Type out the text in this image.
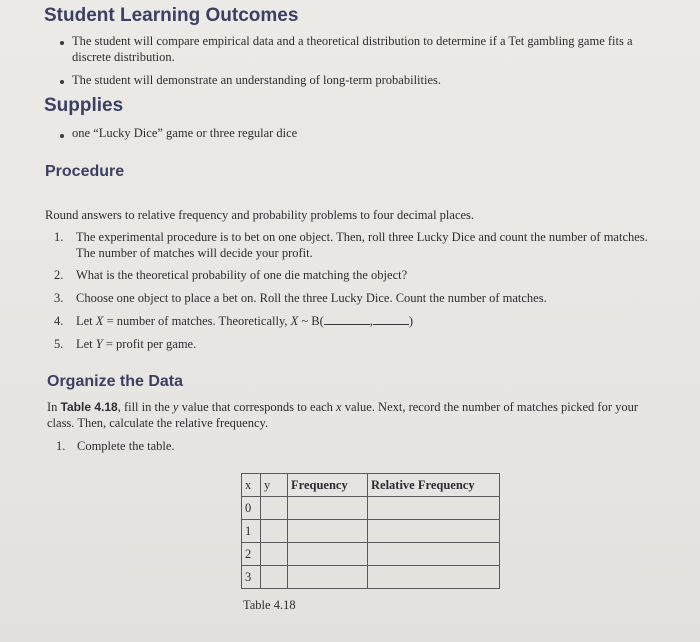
Student Learning Outcomes
The student will compare empirical data and a theoretical distribution to determine if a Tet gambling game fits a
discrete distribution.
The student will demonstrate an understanding of long-term probabilities.
Supplies
one “Lucky Dice” game or three regular dice
Procedure
Round answers to relative frequency and probability problems to four decimal places.
1. The experimental procedure is to bet on one object. Then, roll three Lucky Dice and count the number of matches.
The number of matches will decide your profit.
2. What is the theoretical probability of one die matching the object?
3. Choose one object to place a bet on. Roll the three Lucky Dice. Count the number of matches.
4. Let X = number of matches. Theoretically, X ~ B(	,	)
5. Let Y = profit per game.
Organize the Data
In Table 4.18, fill in the y value that corresponds to each x value. Next, record the number of matches picked for your
class. Then, calculate the relative frequency.
1. Complete the table.
x	y	Frequency	Relative Frequency
0			
1			
2			
3			
Table 4.18
